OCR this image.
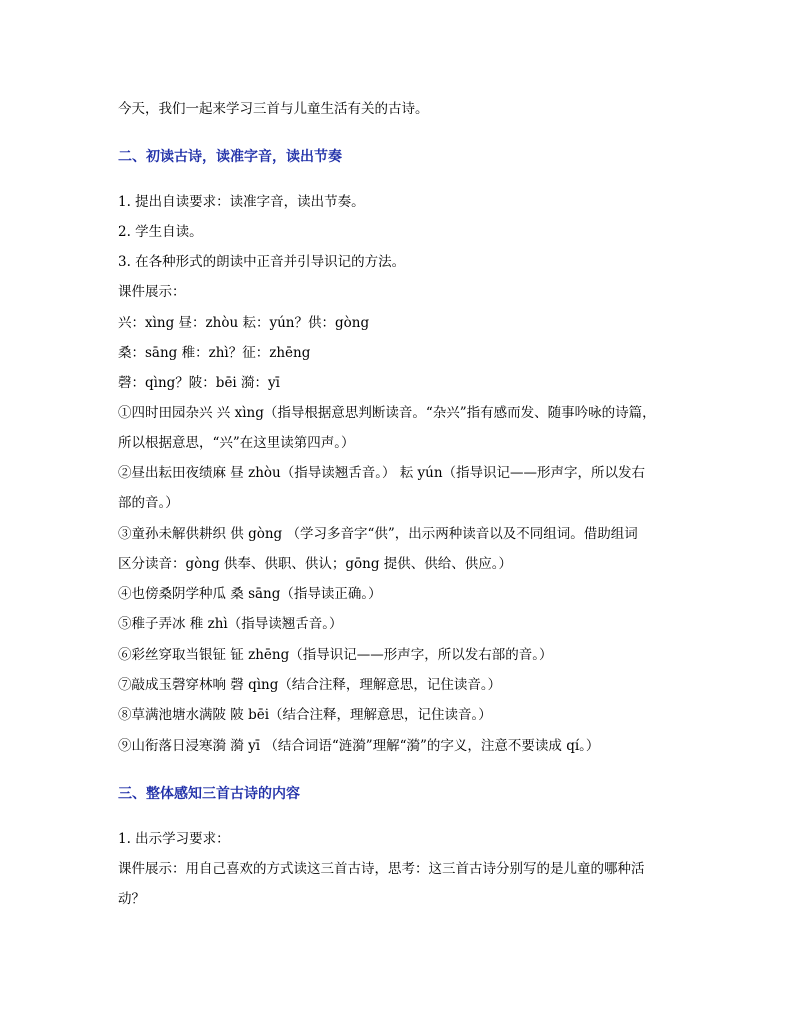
今天，我们一起来学习三首与儿童生活有关的古诗。
二、初读古诗，读准字音，读出节奏
1. 提出自读要求：读准字音，读出节奏。
2. 学生自读。
3. 在各种形式的朗读中正音并引导识记的方法。
课件展示：
兴：xìng 昼：zhòu 耘：yún？供：gòng
桑：sāng 稚：zhì？征：zhēng
磬：qìng？陂：bēi 漪：yī
①四时田园杂兴 兴 xìng（指导根据意思判断读音。“杂兴”指有感而发、随事吟咏的诗篇，
所以根据意思，“兴”在这里读第四声。）
②昼出耘田夜绩麻 昼 zhòu（指导读翘舌音。） 耘 yún（指导识记——形声字，所以发右
部的音。）
③童孙未解供耕织 供 gòng （学习多音字“供”，出示两种读音以及不同组词。借助组词
区分读音：gòng 供奉、供职、供认；gōng 提供、供给、供应。）
④也傍桑阴学种瓜 桑 sāng（指导读正确。）
⑤稚子弄冰 稚 zhì（指导读翘舌音。）
⑥彩丝穿取当银钲 钲 zhēng（指导识记——形声字，所以发右部的音。）
⑦敲成玉磬穿林响 磬 qìng（结合注释，理解意思，记住读音。）
⑧草满池塘水满陂 陂 bēi（结合注释，理解意思，记住读音。）
⑨山衔落日浸寒漪 漪 yī （结合词语“涟漪”理解“漪”的字义，注意不要读成 qí。）
三、整体感知三首古诗的内容
1. 出示学习要求：
课件展示：用自己喜欢的方式读这三首古诗，思考：这三首古诗分别写的是儿童的哪种活
动？
